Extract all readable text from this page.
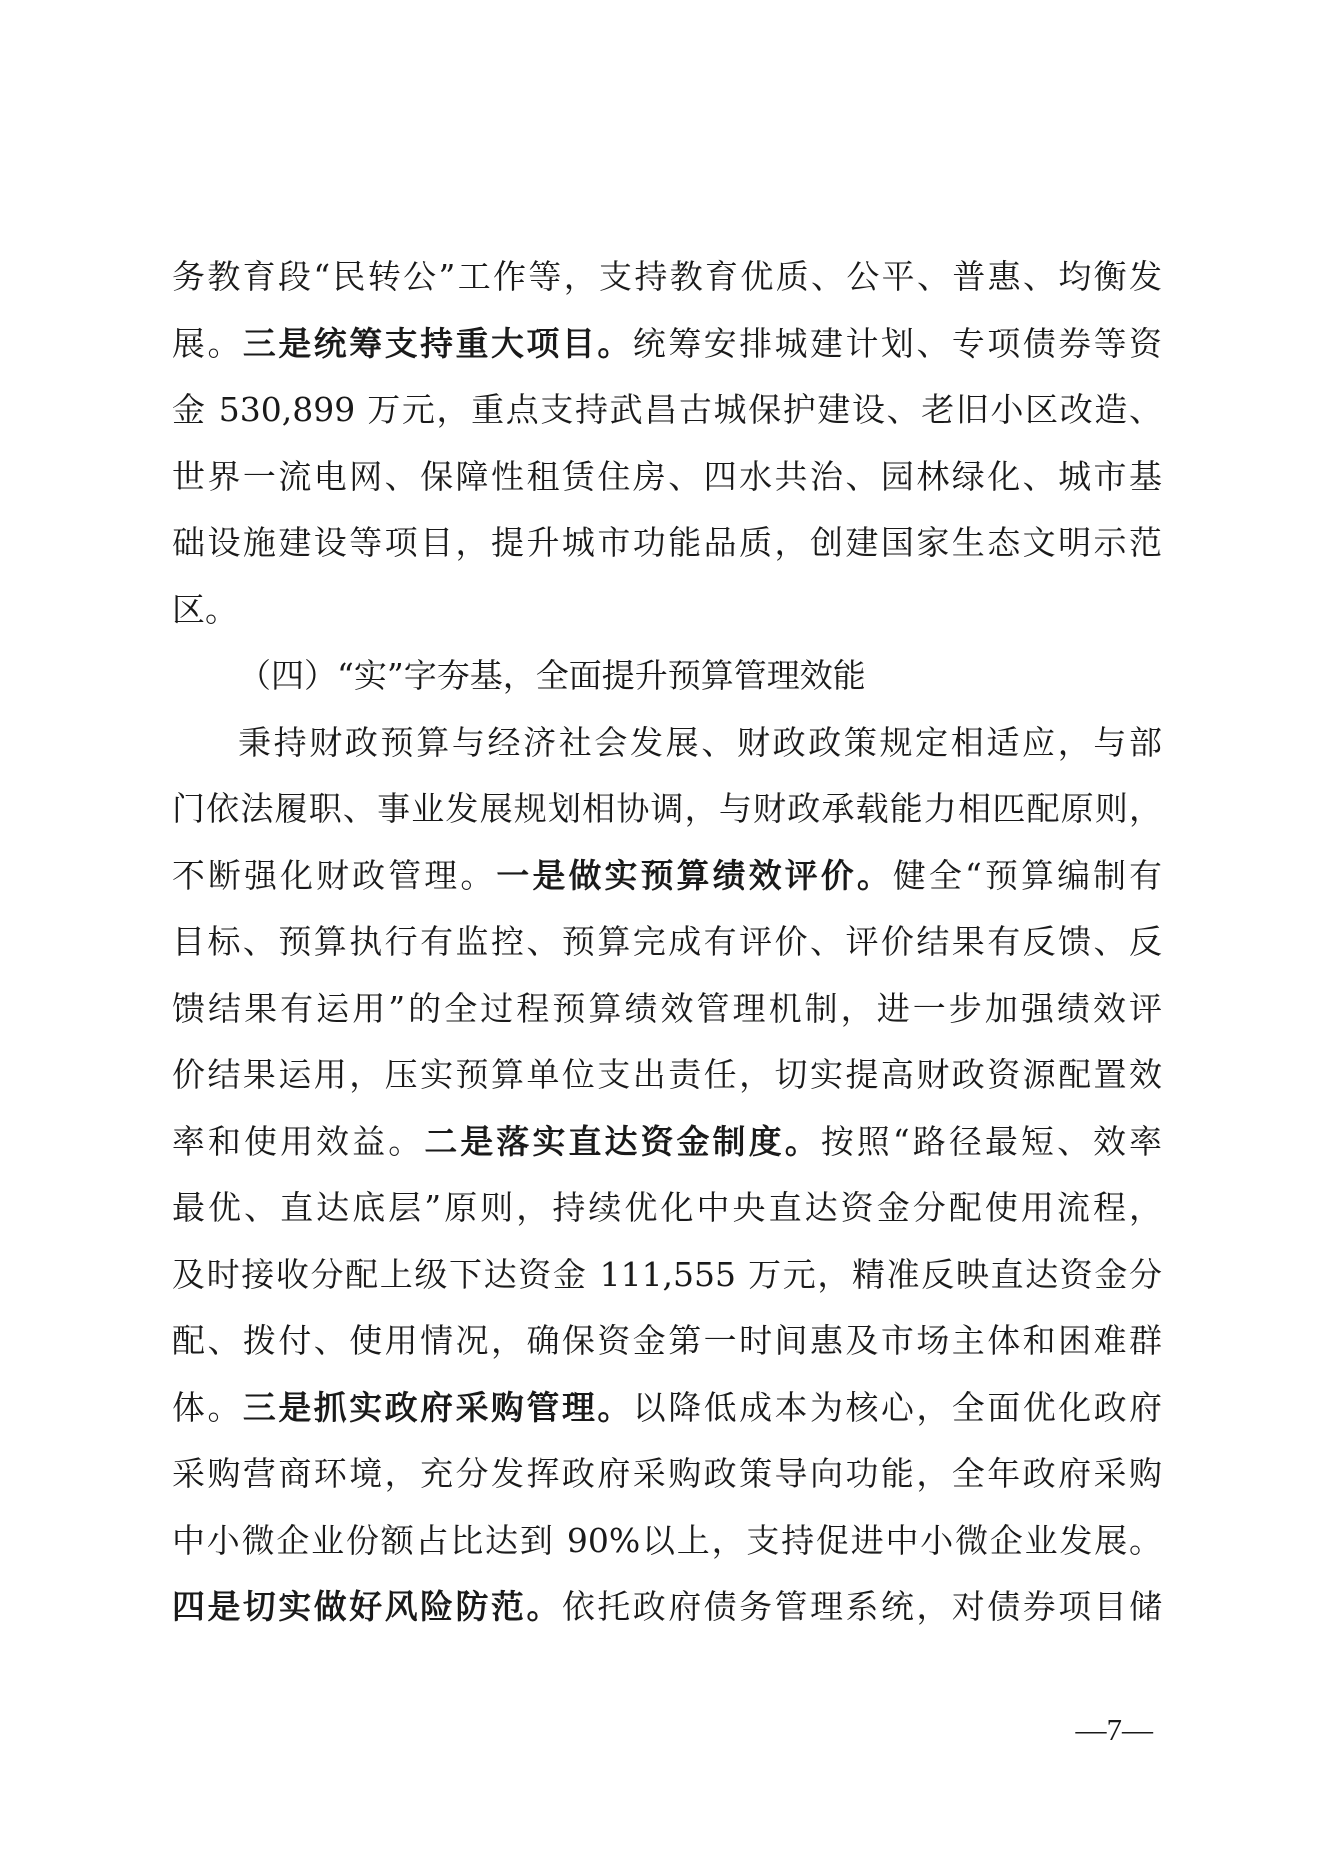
务教育段“民转公”工作等，支持教育优质、公平、普惠、均衡发
展。三是统筹支持重大项目。统筹安排城建计划、专项债券等资
金 530,899 万元，重点支持武昌古城保护建设、老旧小区改造、
世界一流电网、保障性租赁住房、四水共治、园林绿化、城市基
础设施建设等项目，提升城市功能品质，创建国家生态文明示范
区。
（四）“实”字夯基，全面提升预算管理效能
秉持财政预算与经济社会发展、财政政策规定相适应，与部
门依法履职、事业发展规划相协调，与财政承载能力相匹配原则，
不断强化财政管理。一是做实预算绩效评价。健全“预算编制有
目标、预算执行有监控、预算完成有评价、评价结果有反馈、反
馈结果有运用”的全过程预算绩效管理机制，进一步加强绩效评
价结果运用，压实预算单位支出责任，切实提高财政资源配置效
率和使用效益。二是落实直达资金制度。按照“路径最短、效率
最优、直达底层”原则，持续优化中央直达资金分配使用流程，
及时接收分配上级下达资金 111,555 万元，精准反映直达资金分
配、拨付、使用情况，确保资金第一时间惠及市场主体和困难群
体。三是抓实政府采购管理。以降低成本为核心，全面优化政府
采购营商环境，充分发挥政府采购政策导向功能，全年政府采购
中小微企业份额占比达到 90%以上，支持促进中小微企业发展。
四是切实做好风险防范。依托政府债务管理系统，对债券项目储
—7—
